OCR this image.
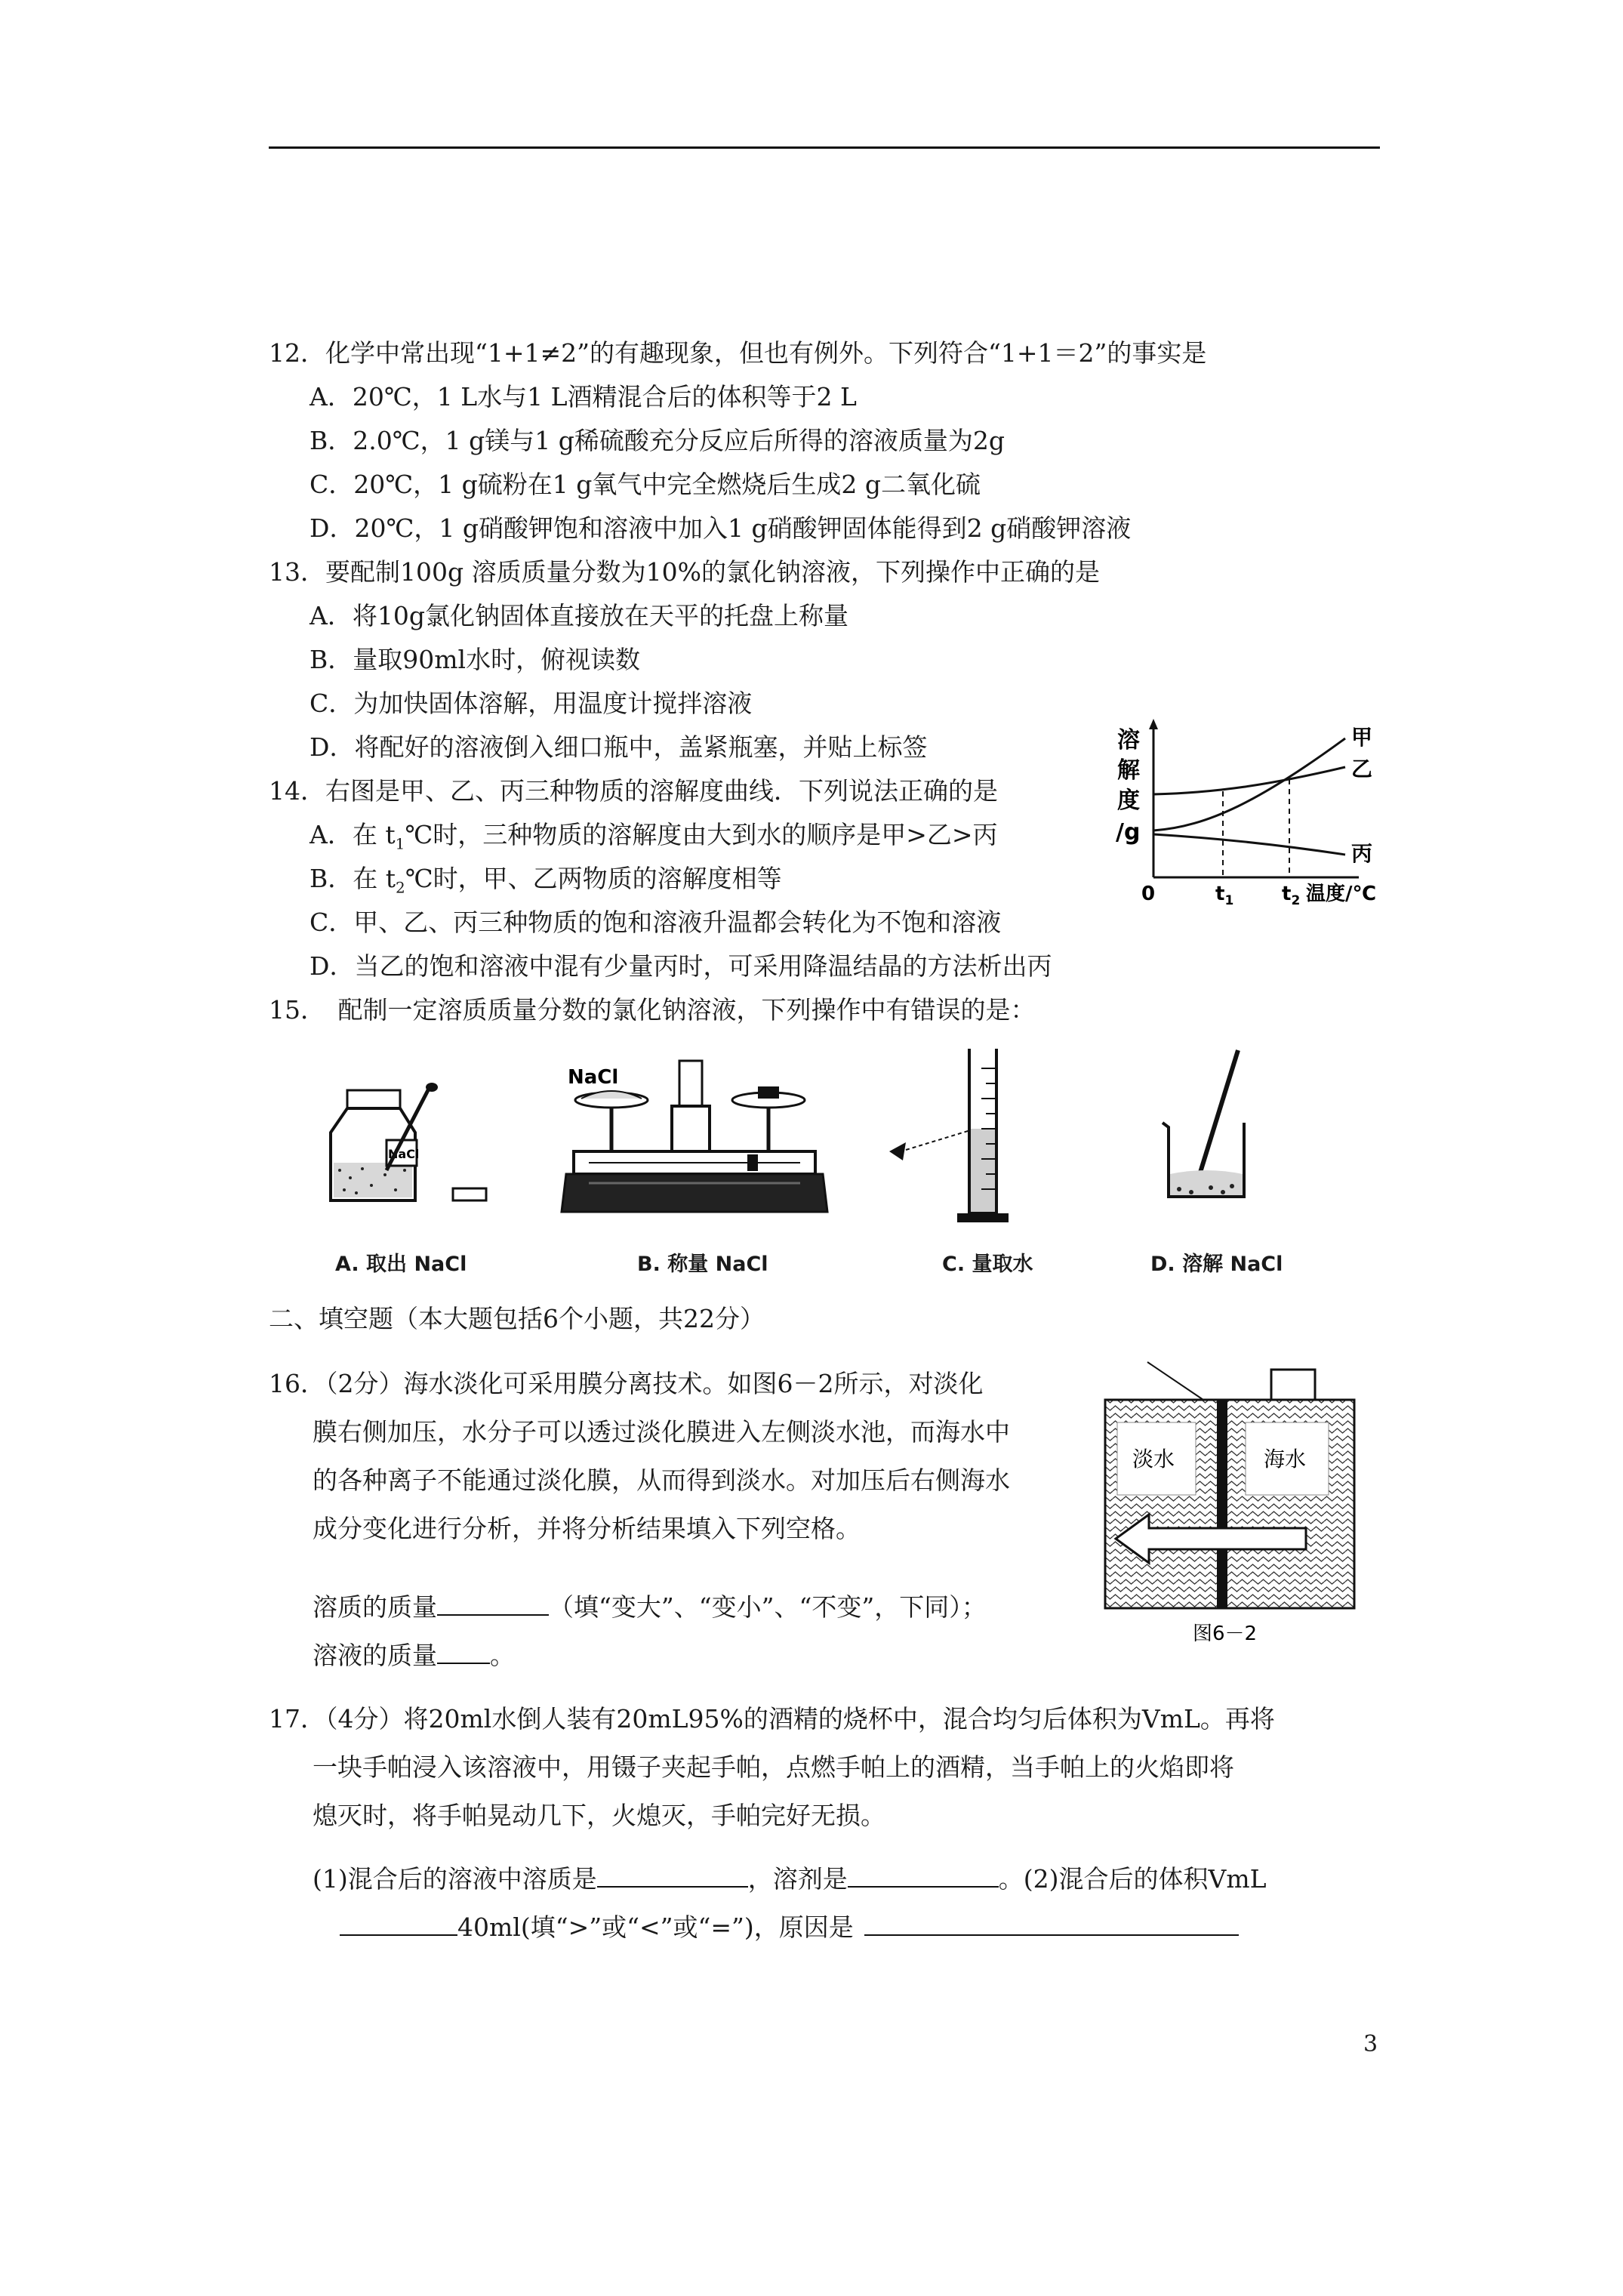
12．化学中常出现“1+1≠2”的有趣现象，但也有例外。下列符合“1+1＝2”的事实是
A．20℃，1 L水与1 L酒精混合后的体积等于2 L
B．2.0℃，1 g镁与1 g稀硫酸充分反应后所得的溶液质量为2g
C．20℃，1 g硫粉在1 g氧气中完全燃烧后生成2 g二氧化硫
D．20℃，1 g硝酸钾饱和溶液中加入1 g硝酸钾固体能得到2 g硝酸钾溶液
13．要配制100g 溶质质量分数为10%的氯化钠溶液，下列操作中正确的是
A．将10g氯化钠固体直接放在天平的托盘上称量
B．量取90ml水时，俯视读数
C．为加快固体溶解，用温度计搅拌溶液
D．将配好的溶液倒入细口瓶中，盖紧瓶塞，并贴上标签
14．右图是甲、乙、丙三种物质的溶解度曲线．下列说法正确的是
A．在 $t_1℃$时，三种物质的溶解度由大到水的顺序是甲>乙>丙
B．在 $t_2℃$时，甲、乙两物质的溶解度相等
C．甲、乙、丙三种物质的饱和溶液升温都会转化为不饱和溶液
D．当乙的饱和溶液中混有少量丙时，可采用降温结晶的方法析出丙
溶
解
度
/g
甲
乙
丙
0	$t_1$ $t_2$ 温度/℃
15．　配制一定溶质质量分数的氯化钠溶液，下列操作中有错误的是：
NaCl
NaCl
A. 取出 NaCl	B. 称量 NaCl	C. 量取水	D. 溶解 NaCl
二、填空题（本大题包括6个小题，共22分）
16．（2分）海水淡化可采用膜分离技术。如图6－2所示，对淡化
膜右侧加压，水分子可以透过淡化膜进入左侧淡水池，而海水中
的各种离子不能通过淡化膜，从而得到淡水。对加压后右侧海水
成分变化进行分析，并将分析结果填入下列空格。
溶质的质量	（填“变大”、“变小”、“不变”，下同）；
溶液的质量 。
淡水	海水
图6－2
17．（4分）将20ml水倒人装有20mL95%的酒精的烧杯中，混合均匀后体积为VmL。再将
一块手帕浸入该溶液中，用镊子夹起手帕，点燃手帕上的酒精，当手帕上的火焰即将
熄灭时，将手帕晃动几下，火熄灭，手帕完好无损。
(1)混合后的溶液中溶质是	，溶剂是	。(2)混合后的体积VmL
40ml(填“>”或“<”或“=”)，原因是
3
